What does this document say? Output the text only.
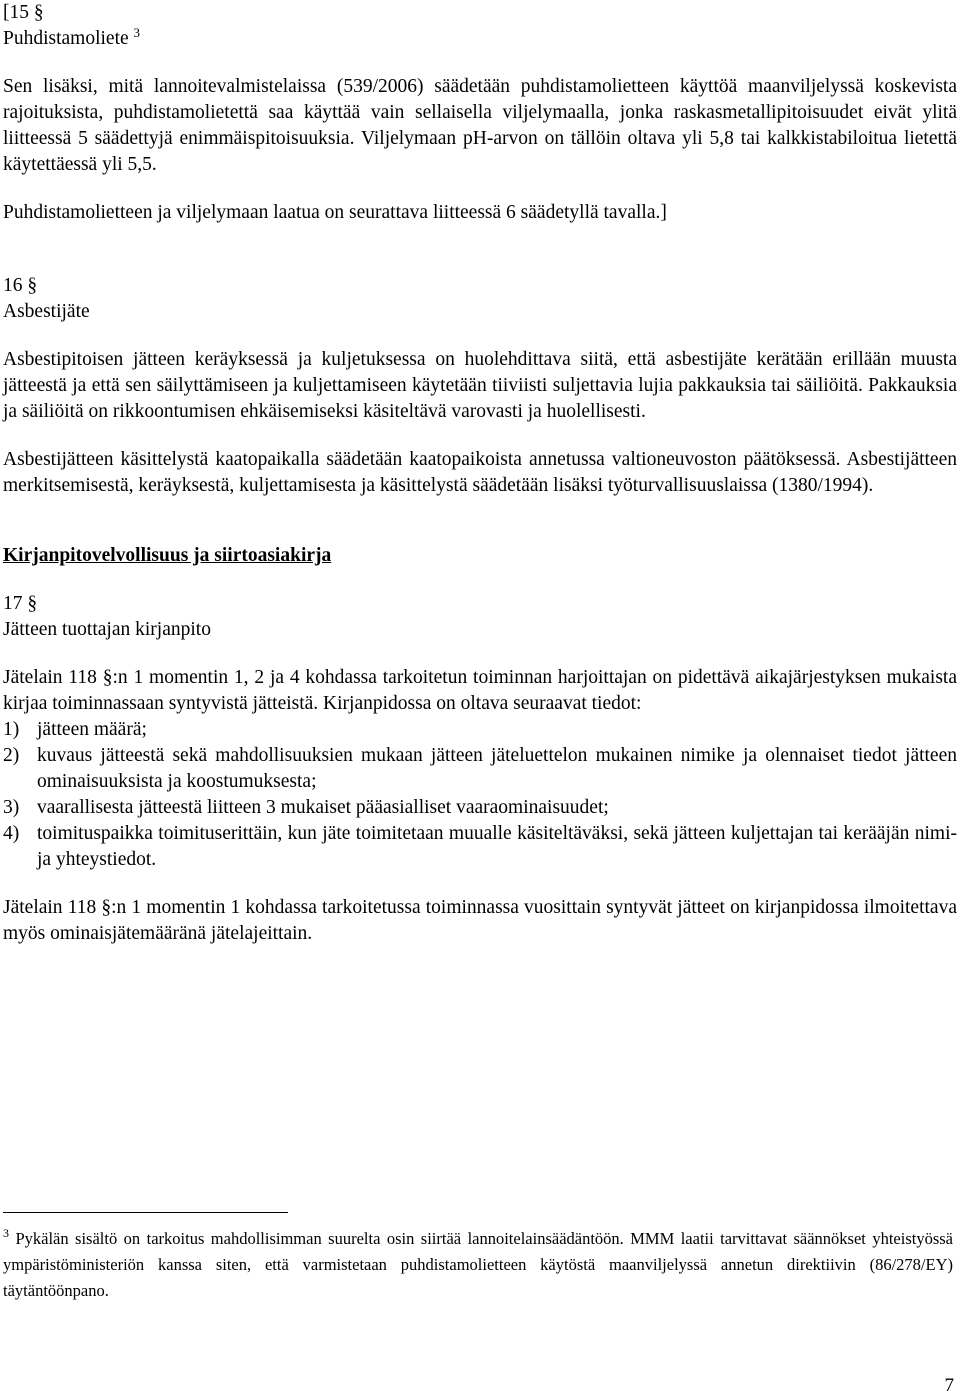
[15 §

Puhdistamoliete $^3$

Sen lisäksi, mitä lannoitevalmistelaissa (539/2006) säädetään puhdistamolietteen käyttöä maanviljelyssä koskevista rajoituksista, puhdistamolietettä saa käyttää vain sellaisella viljelymaalla, jonka raskasmetallipitoisuudet eivät ylitä liitteessä 5 säädettyjä enimmäispitoisuuksia. Viljelymaan pH-arvon on tällöin oltava yli 5,8 tai kalkkistabiloitua lietettä käytettäessä yli 5,5.

Puhdistamolietteen ja viljelymaan laatua on seurattava liitteessä 6 säädetyllä tavalla.]

16 §

Asbestijäte

Asbestipitoisen jätteen keräyksessä ja kuljetuksessa on huolehdittava siitä, että asbestijäte kerätään erillään muusta jätteestä ja että sen säilyttämiseen ja kuljettamiseen käytetään tiiviisti suljettavia lujia pakkauksia tai säiliöitä. Pakkauksia ja säiliöitä on rikkoontumisen ehkäisemiseksi käsiteltävä varovasti ja huolellisesti.

Asbestijätteen käsittelystä kaatopaikalla säädetään kaatopaikoista annetussa valtioneuvoston päätöksessä. Asbestijätteen merkitsemisestä, keräyksestä, kuljettamisesta ja käsittelystä säädetään lisäksi työturvallisuuslaissa (1380/1994).

Kirjanpitovelvollisuus ja siirtoasiakirja

17 §

Jätteen tuottajan kirjanpito

Jätelain 118 §:n 1 momentin 1, 2 ja 4 kohdassa tarkoitetun toiminnan harjoittajan on pidettävä aikajärjestyksen mukaista kirjaa toiminnassaan syntyvistä jätteistä. Kirjanpidossa on oltava seuraavat tiedot:

1) jätteen määrä;
2) kuvaus jätteestä sekä mahdollisuuksien mukaan jätteen jäteluettelon mukainen nimike ja olennaiset tiedot jätteen ominaisuuksista ja koostumuksesta;
3) vaarallisesta jätteestä liitteen 3 mukaiset pääasialliset vaaraominaisuudet;
4) toimituspaikka toimituserittäin, kun jäte toimitetaan muualle käsiteltäväksi, sekä jätteen kuljettajan tai kerääjän nimi- ja yhteystiedot.

Jätelain 118 §:n 1 momentin 1 kohdassa tarkoitetussa toiminnassa vuosittain syntyvät jätteet on kirjanpidossa ilmoitettava myös ominaisjätemääränä jätelajeittain.

$^3$ Pykälän sisältö on tarkoitus mahdollisimman suurelta osin siirtää lannoitelainsäädäntöön. MMM laatii tarvittavat säännökset yhteistyössä ympäristöministeriön kanssa siten, että varmistetaan puhdistamolietteen käytöstä maanviljelyssä annetun direktiivin (86/278/EY) täytäntöönpano.

7
